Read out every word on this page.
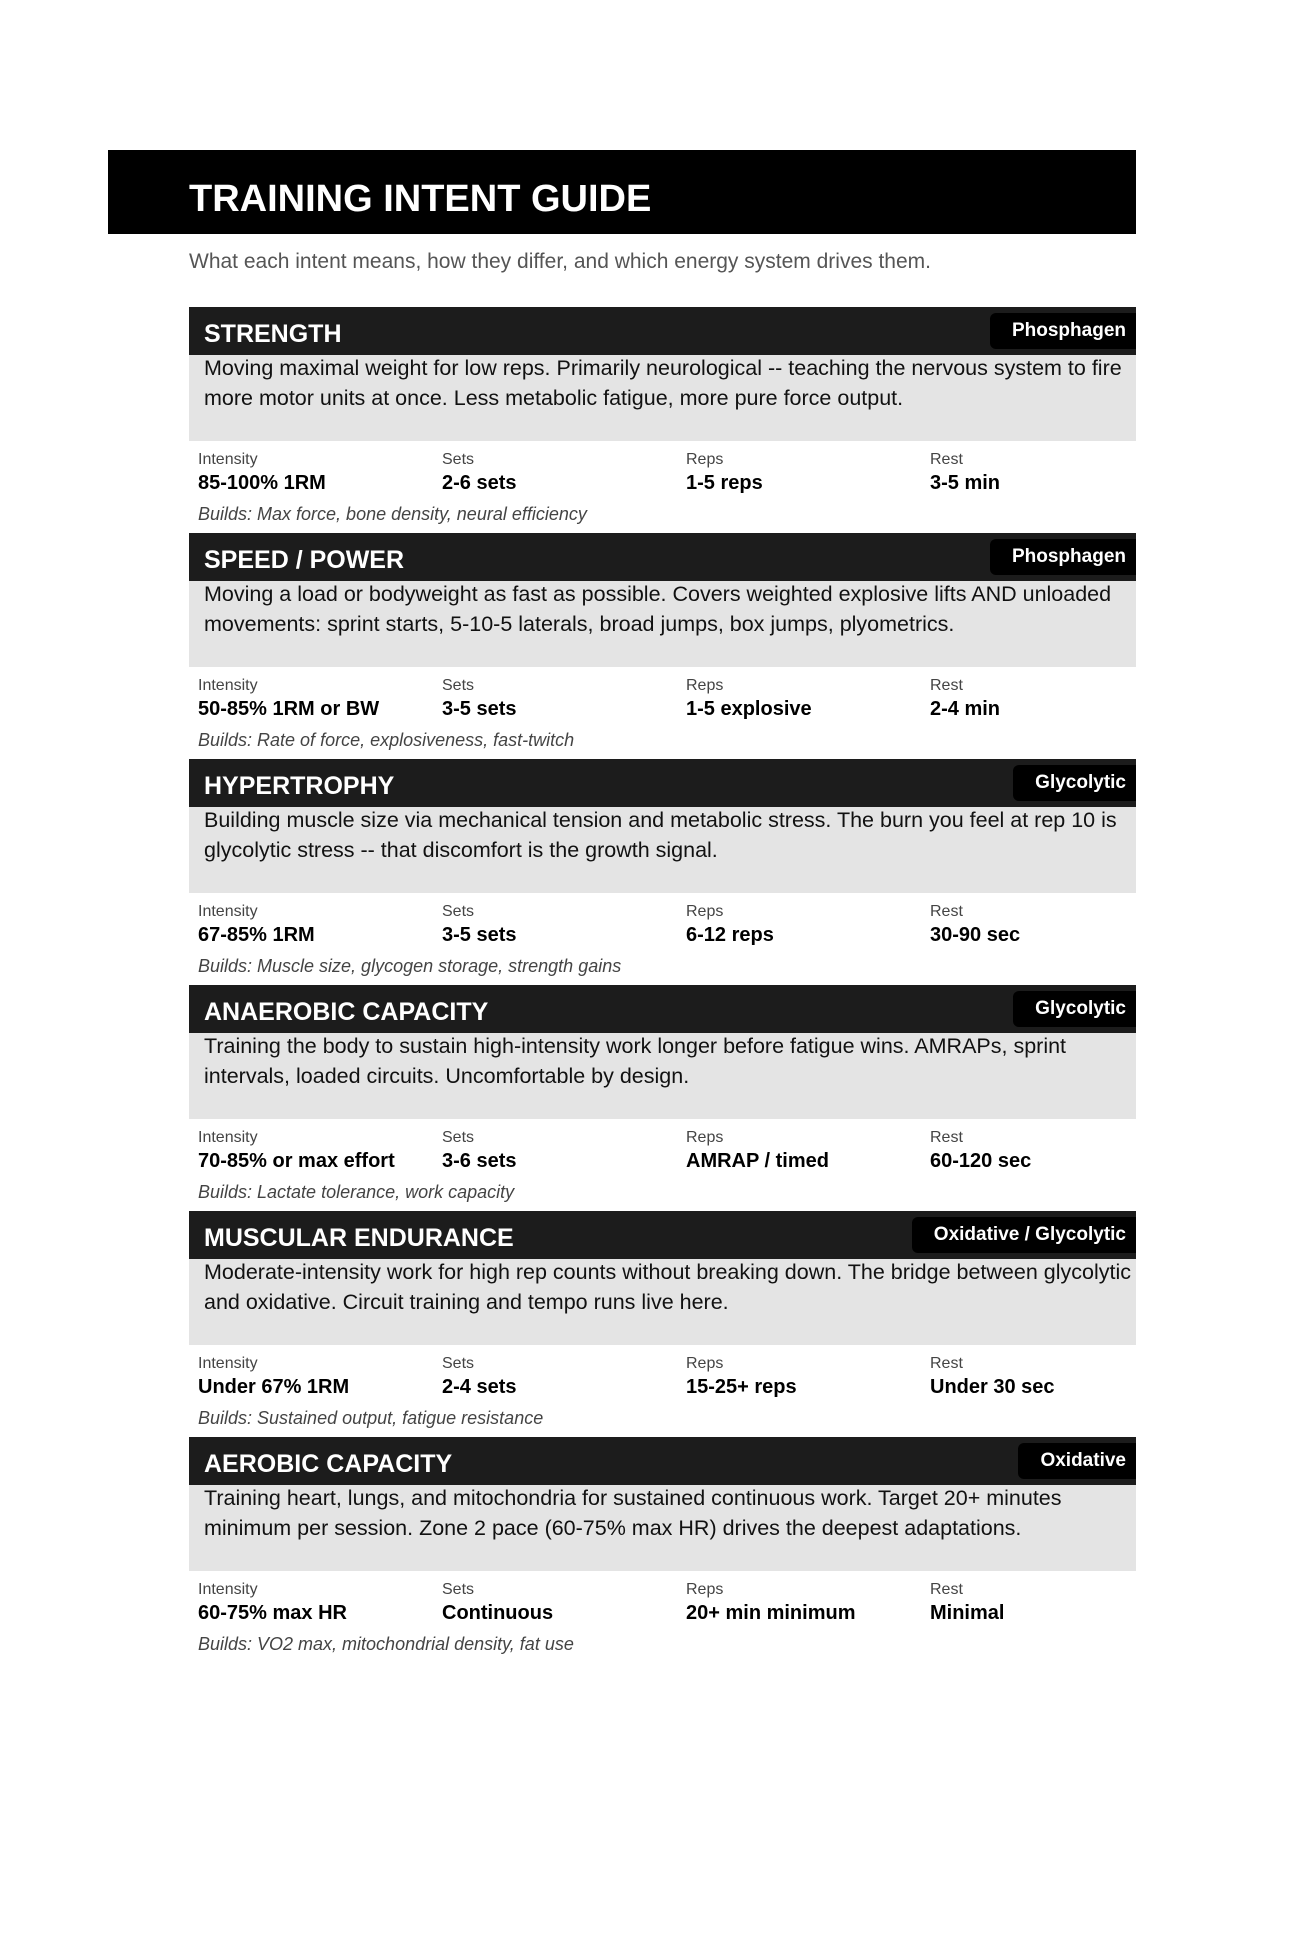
TRAINING INTENT GUIDE
What each intent means, how they differ, and which energy system drives them.
STRENGTH	Phosphagen

Moving maximal weight for low reps. Primarily neurological -- teaching the nervous system to fire more motor units at once. Less metabolic fatigue, more pure force output.

Intensity
85-100% 1RM
Sets
2-6 sets
Reps
1-5 reps
Rest
3-5 min
Builds: Max force, bone density, neural efficiency
SPEED / POWER	Phosphagen

Moving a load or bodyweight as fast as possible. Covers weighted explosive lifts AND unloaded movements: sprint starts, 5-10-5 laterals, broad jumps, box jumps, plyometrics.

Intensity
50-85% 1RM or BW
Sets
3-5 sets
Reps
1-5 explosive
Rest
2-4 min
Builds: Rate of force, explosiveness, fast-twitch
HYPERTROPHY	Glycolytic

Building muscle size via mechanical tension and metabolic stress. The burn you feel at rep 10 is glycolytic stress -- that discomfort is the growth signal.

Intensity
67-85% 1RM
Sets
3-5 sets
Reps
6-12 reps
Rest
30-90 sec
Builds: Muscle size, glycogen storage, strength gains
ANAEROBIC CAPACITY	Glycolytic

Training the body to sustain high-intensity work longer before fatigue wins. AMRAPs, sprint intervals, loaded circuits. Uncomfortable by design.

Intensity
70-85% or max effort
Sets
3-6 sets
Reps
AMRAP / timed
Rest
60-120 sec
Builds: Lactate tolerance, work capacity
MUSCULAR ENDURANCE	Oxidative / Glycolytic

Moderate-intensity work for high rep counts without breaking down. The bridge between glycolytic and oxidative. Circuit training and tempo runs live here.

Intensity
Under 67% 1RM
Sets
2-4 sets
Reps
15-25+ reps
Rest
Under 30 sec
Builds: Sustained output, fatigue resistance
AEROBIC CAPACITY	Oxidative

Training heart, lungs, and mitochondria for sustained continuous work. Target 20+ minutes minimum per session. Zone 2 pace (60-75% max HR) drives the deepest adaptations.

Intensity
60-75% max HR
Sets
Continuous
Reps
20+ min minimum
Rest
Minimal
Builds: VO2 max, mitochondrial density, fat use
